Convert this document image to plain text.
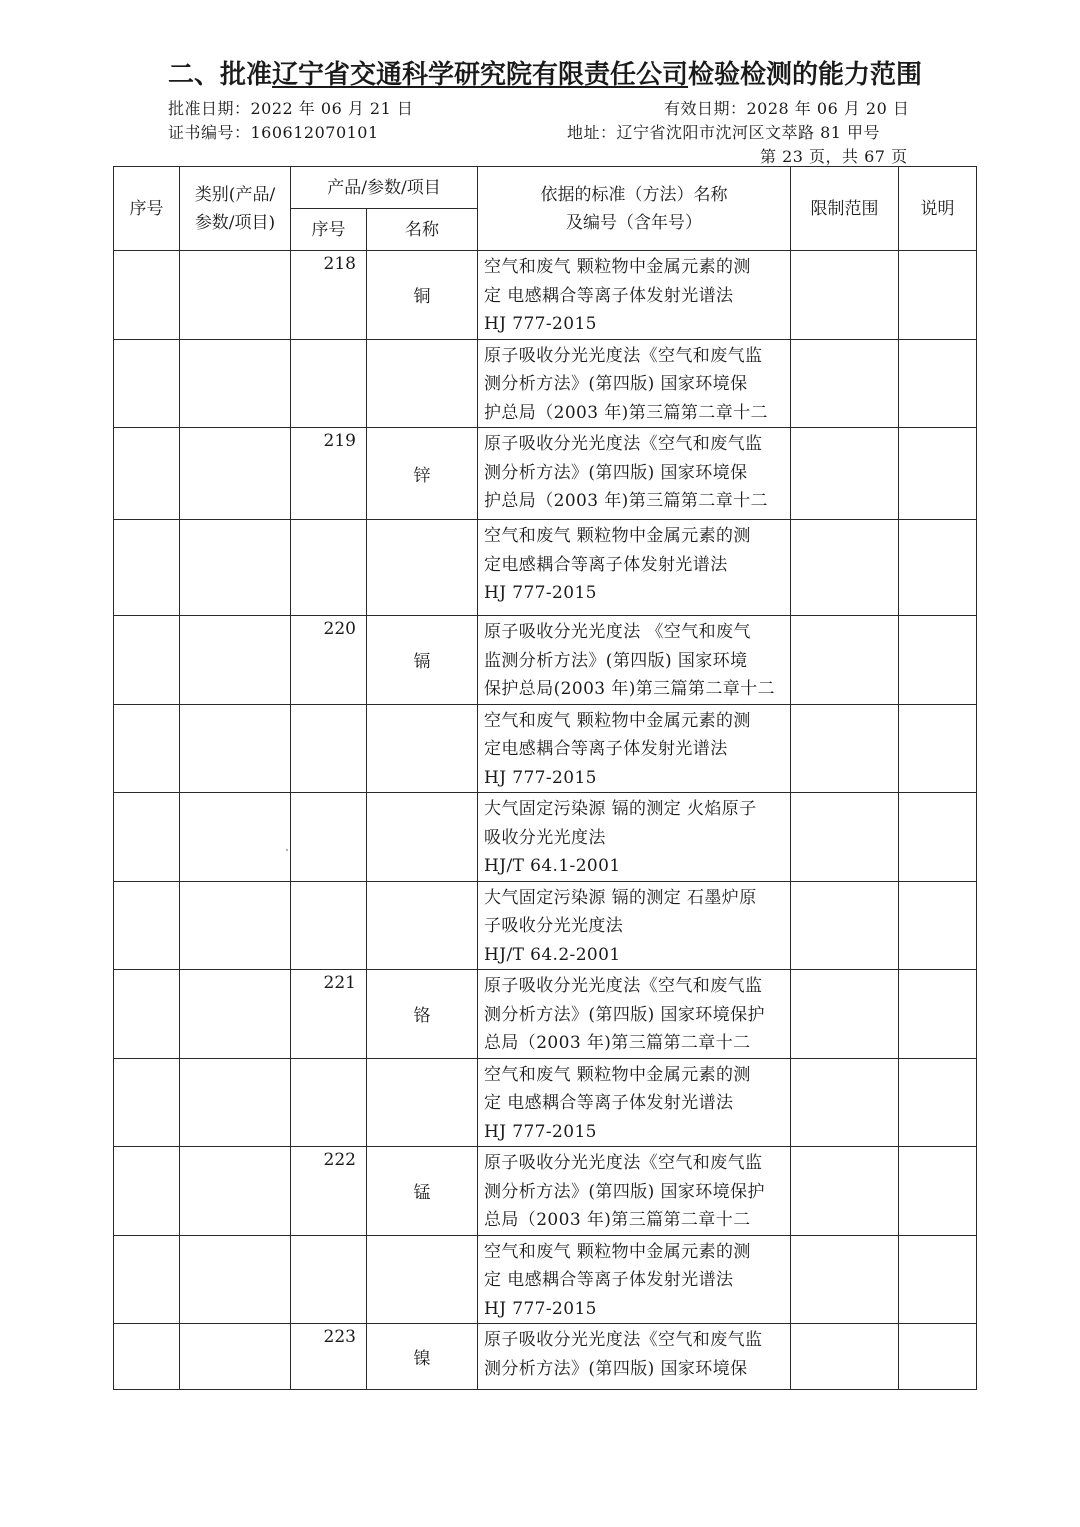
二、批准辽宁省交通科学研究院有限责任公司检验检测的能力范围
批准日期：2022 年 06 月 21 日	有效日期：2028 年 06 月 20 日
证书编号：160612070101	地址：辽宁省沈阳市沈河区文萃路 81 甲号
第 23 页，共 67 页
序号	类别(产品/
参数/项目)	产品/参数/项目		依据的标准（方法）名称
及编号（含年号）	限制范围	说明

		序号	名称			

		218	铜	空气和废气 颗粒物中金属元素的测
定 电感耦合等离子体发射光谱法
HJ 777-2015		
				原子吸收分光光度法《空气和废气监
测分析方法》(第四版) 国家环境保
护总局（2003 年)第三篇第二章十二		
		219	锌	原子吸收分光光度法《空气和废气监
测分析方法》(第四版) 国家环境保
护总局（2003 年)第三篇第二章十二		
				空气和废气 颗粒物中金属元素的测
定电感耦合等离子体发射光谱法
HJ 777-2015		
		220	镉	原子吸收分光光度法 《空气和废气
监测分析方法》(第四版) 国家环境
保护总局(2003 年)第三篇第二章十二		
				空气和废气 颗粒物中金属元素的测
定电感耦合等离子体发射光谱法
HJ 777-2015		
				大气固定污染源 镉的测定 火焰原子
吸收分光光度法
HJ/T 64.1-2001		
				大气固定污染源 镉的测定 石墨炉原
子吸收分光光度法
HJ/T 64.2-2001		
		221	铬	原子吸收分光光度法《空气和废气监
测分析方法》(第四版) 国家环境保护
总局（2003 年)第三篇第二章十二		
				空气和废气 颗粒物中金属元素的测
定 电感耦合等离子体发射光谱法
HJ 777-2015		
		222	锰	原子吸收分光光度法《空气和废气监
测分析方法》(第四版) 国家环境保护
总局（2003 年)第三篇第二章十二		
				空气和废气 颗粒物中金属元素的测
定 电感耦合等离子体发射光谱法
HJ 777-2015		
		223	镍	原子吸收分光光度法《空气和废气监
测分析方法》(第四版) 国家环境保		
